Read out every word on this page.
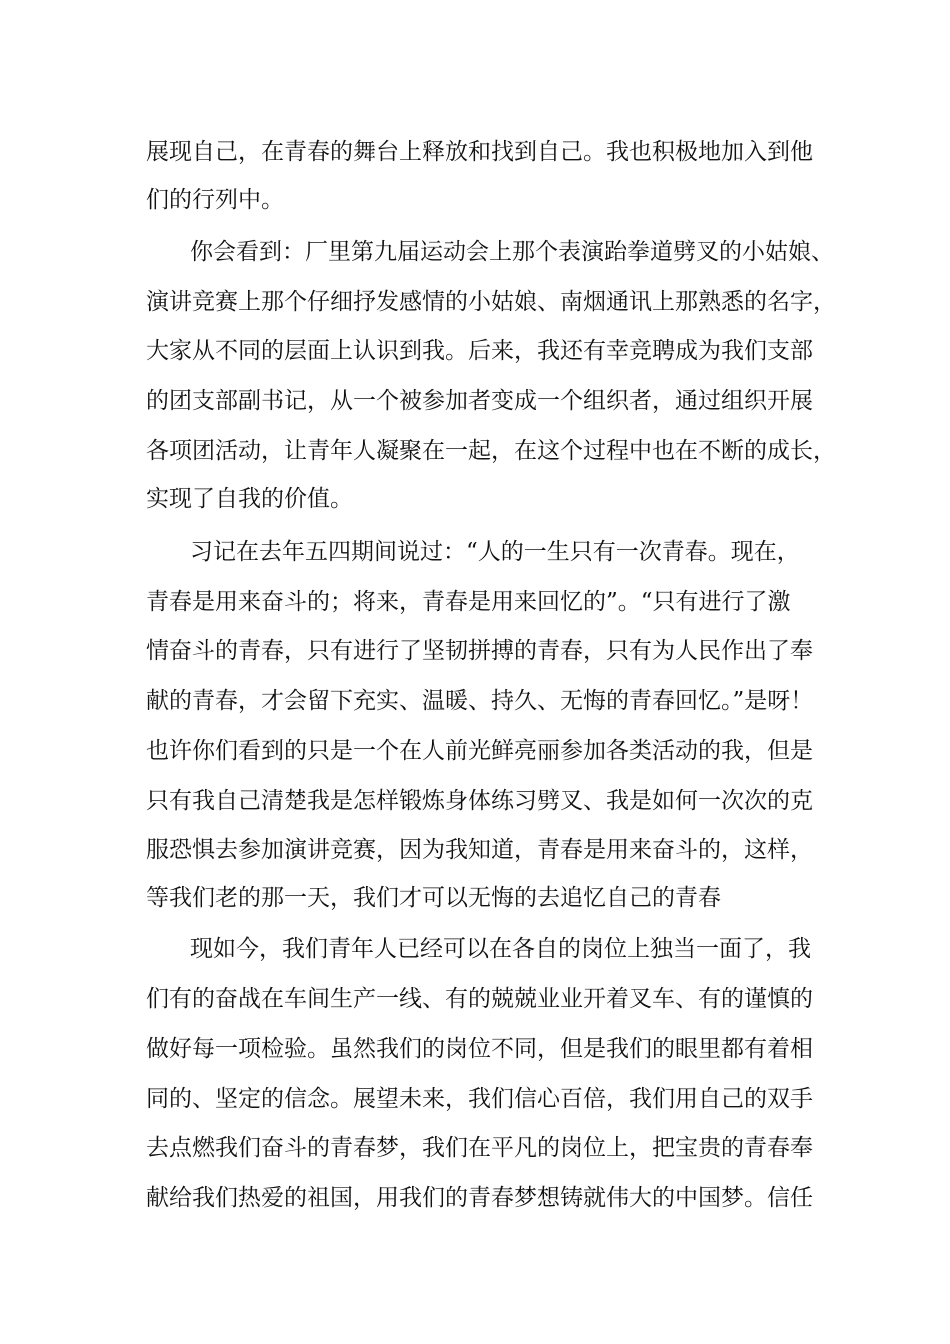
展现自己，在青春的舞台上释放和找到自己。我也积极地加入到他
们的行列中。
你会看到：厂里第九届运动会上那个表演跆拳道劈叉的小姑娘、
演讲竞赛上那个仔细抒发感情的小姑娘、南烟通讯上那熟悉的名字，
大家从不同的层面上认识到我。后来，我还有幸竞聘成为我们支部
的团支部副书记，从一个被参加者变成一个组织者，通过组织开展
各项团活动，让青年人凝聚在一起，在这个过程中也在不断的成长，
实现了自我的价值。
习记在去年五四期间说过：“人的一生只有一次青春。现在，
青春是用来奋斗的；将来，青春是用来回忆的”。“只有进行了激
情奋斗的青春，只有进行了坚韧拼搏的青春，只有为人民作出了奉
献的青春，才会留下充实、温暖、持久、无悔的青春回忆。”是呀！
也许你们看到的只是一个在人前光鲜亮丽参加各类活动的我，但是
只有我自己清楚我是怎样锻炼身体练习劈叉、我是如何一次次的克
服恐惧去参加演讲竞赛，因为我知道，青春是用来奋斗的，这样，
等我们老的那一天，我们才可以无悔的去追忆自己的青春
现如今，我们青年人已经可以在各自的岗位上独当一面了，我
们有的奋战在车间生产一线、有的兢兢业业开着叉车、有的谨慎的
做好每一项检验。虽然我们的岗位不同，但是我们的眼里都有着相
同的、坚定的信念。展望未来，我们信心百倍，我们用自己的双手
去点燃我们奋斗的青春梦，我们在平凡的岗位上，把宝贵的青春奉
献给我们热爱的祖国，用我们的青春梦想铸就伟大的中国梦。信任
